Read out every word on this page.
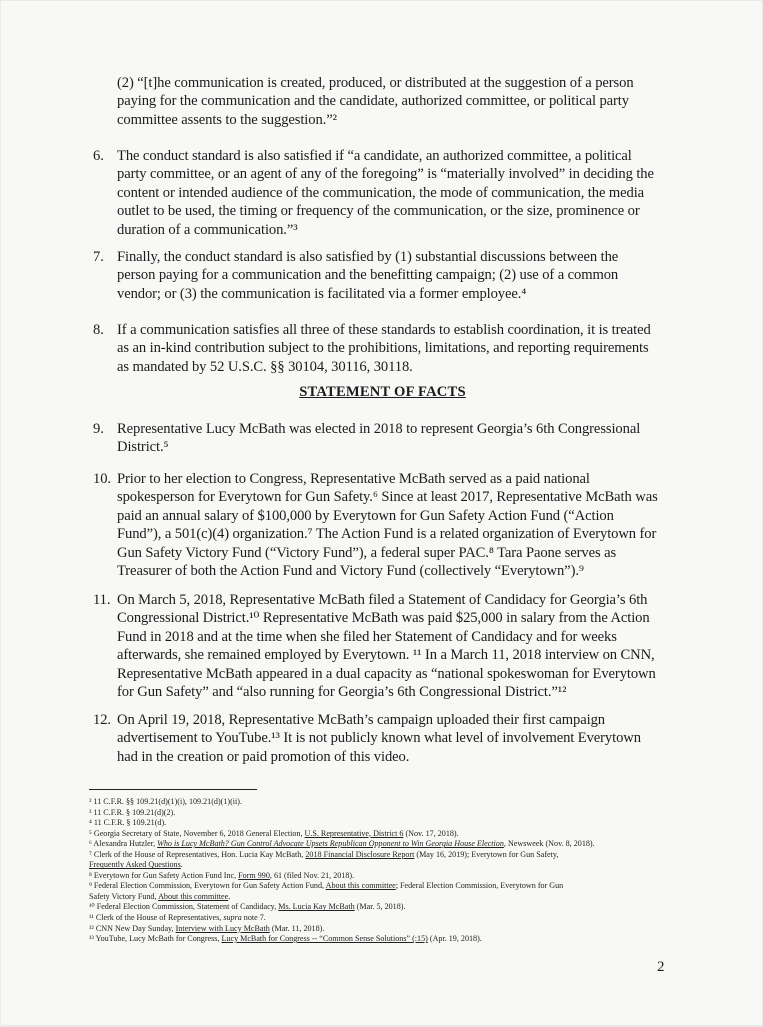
(2) “[t]he communication is created, produced, or distributed at the suggestion of a person
paying for the communication and the candidate, authorized committee, or political party
committee assents to the suggestion.”²
6. The conduct standard is also satisfied if “a candidate, an authorized committee, a political
party committee, or an agent of any of the foregoing” is “materially involved” in deciding the
content or intended audience of the communication, the mode of communication, the media
outlet to be used, the timing or frequency of the communication, or the size, prominence or
duration of a communication.”³
7. Finally, the conduct standard is also satisfied by (1) substantial discussions between the
person paying for a communication and the benefitting campaign; (2) use of a common
vendor; or (3) the communication is facilitated via a former employee.⁴
8. If a communication satisfies all three of these standards to establish coordination, it is treated
as an in-kind contribution subject to the prohibitions, limitations, and reporting requirements
as mandated by 52 U.S.C. §§ 30104, 30116, 30118.
9. Representative Lucy McBath was elected in 2018 to represent Georgia’s 6th Congressional
District.⁵
10. Prior to her election to Congress, Representative McBath served as a paid national
spokesperson for Everytown for Gun Safety.⁶ Since at least 2017, Representative McBath was
paid an annual salary of $100,000 by Everytown for Gun Safety Action Fund (“Action
Fund”), a 501(c)(4) organization.⁷ The Action Fund is a related organization of Everytown for
Gun Safety Victory Fund (“Victory Fund”), a federal super PAC.⁸ Tara Paone serves as
Treasurer of both the Action Fund and Victory Fund (collectively “Everytown”).⁹
11. On March 5, 2018, Representative McBath filed a Statement of Candidacy for Georgia’s 6th
Congressional District.¹⁰ Representative McBath was paid $25,000 in salary from the Action
Fund in 2018 and at the time when she filed her Statement of Candidacy and for weeks
afterwards, she remained employed by Everytown. ¹¹ In a March 11, 2018 interview on CNN,
Representative McBath appeared in a dual capacity as “national spokeswoman for Everytown
for Gun Safety” and “also running for Georgia’s 6th Congressional District.”¹²
12. On April 19, 2018, Representative McBath’s campaign uploaded their first campaign
advertisement to YouTube.¹³ It is not publicly known what level of involvement Everytown
had in the creation or paid promotion of this video.
STATEMENT OF FACTS
² 11 C.F.R. §§ 109.21(d)(1)(i), 109.21(d)(1)(ii).
³ 11 C.F.R. § 109.21(d)(2).
⁴ 11 C.F.R. § 109.21(d).
⁵ Georgia Secretary of State, November 6, 2018 General Election, U.S. Representative, District 6 (Nov. 17, 2018).
⁶ Alexandra Hutzler, Who is Lucy McBath? Gun Control Advocate Upsets Republican Opponent to Win Georgia House Election, Newsweek (Nov. 8, 2018).
⁷ Clerk of the House of Representatives, Hon. Lucia Kay McBath, 2018 Financial Disclosure Report (May 16, 2019); Everytown for Gun Safety,
Frequently Asked Questions.
⁸ Everytown for Gun Safety Action Fund Inc, Form 990, 61 (filed Nov. 21, 2018).
⁹ Federal Election Commission, Everytown for Gun Safety Action Fund, About this committee; Federal Election Commission, Everytown for Gun
Safety Victory Fund, About this committee.
¹⁰ Federal Election Commission, Statement of Candidacy, Ms. Lucia Kay McBath (Mar. 5, 2018).
¹¹ Clerk of the House of Representatives, supra note 7.
¹² CNN New Day Sunday, Interview with Lucy McBath (Mar. 11, 2018).
¹³ YouTube, Lucy McBath for Congress, Lucy McBath for Congress -- “Common Sense Solutions” (:15) (Apr. 19, 2018).
2
